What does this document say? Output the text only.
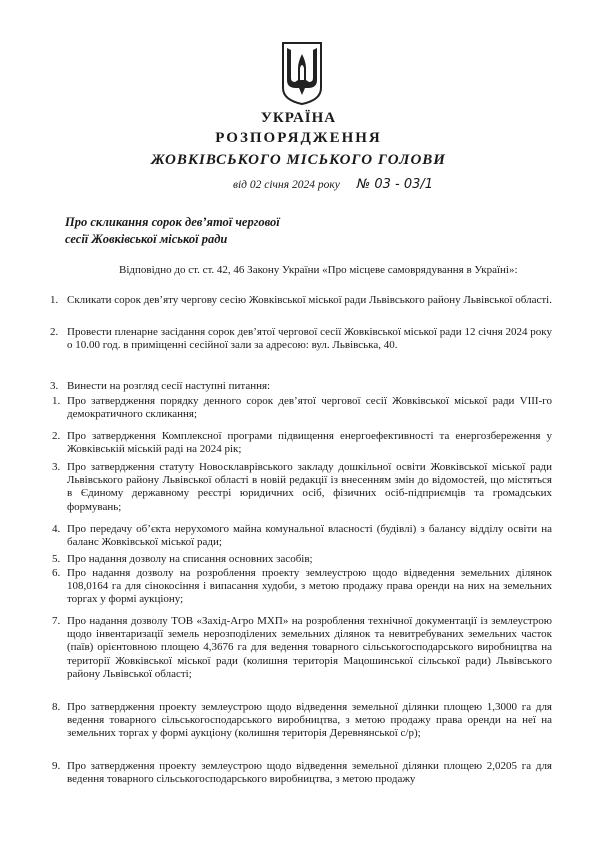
УКРАЇНА
РОЗПОРЯДЖЕННЯ
ЖОВКІВСЬКОГО МІСЬКОГО ГОЛОВИ
від 02 січня 2024 року № 03 - 03/1
Про скликання сорок дев’ятої чергової
сесії Жовківської міської ради
Відповідно до ст. ст. 42, 46 Закону України «Про місцеве самоврядування в Україні»:
1. Скликати сорок дев’яту чергову сесію Жовківської міської ради Львівського району Львівської області.
2. Провести пленарне засідання сорок дев’ятої чергової сесії Жовківської міської ради 12 січня 2024 року о 10.00 год. в приміщенні сесійної зали за адресою: вул. Львівська, 40.
3. Винести на розгляд сесії наступні питання:
1. Про затвердження порядку денного сорок дев’ятої чергової сесії Жовківської міської ради VIII-го демократичного скликання;
2. Про затвердження Комплексної програми підвищення енергоефективності та енергозбереження у Жовківській міській раді на 2024 рік;
3. Про затвердження статуту Новосклаврівського закладу дошкільної освіти Жовківської міської ради Львівського району Львівської області в новій редакції із внесенням змін до відомостей, що містяться в Єдиному державному реєстрі юридичних осіб, фізичних осіб-підприємців та громадських формувань;
4. Про передачу об’єкта нерухомого майна комунальної власності (будівлі) з балансу відділу освіти на баланс Жовківської міської ради;
5. Про надання дозволу на списання основних засобів;
6. Про надання дозволу на розроблення проекту землеустрою щодо відведення земельних ділянок 108,0164 га для сінокосіння і випасання худоби, з метою продажу права оренди на них на земельних торгах у формі аукціону;
7. Про надання дозволу ТОВ «Захід-Агро МХП» на розроблення технічної документації із землеустрою щодо інвентаризації земель нерозподілених земельних ділянок та невитребуваних земельних часток (паїв) орієнтовною площею 4,3676 га для ведення товарного сільськогосподарського виробництва на території Жовківської міської ради (колишня територія Мацошинської сільської ради) Львівського району Львівської області;
8. Про затвердження проекту землеустрою щодо відведення земельної ділянки площею 1,3000 га для ведення товарного сільськогосподарського виробництва, з метою продажу права оренди на неї на земельних торгах у формі аукціону (колишня територія Деревнянської с/р);
9. Про затвердження проекту землеустрою щодо відведення земельної ділянки площею 2,0205 га для ведення товарного сільськогосподарського виробництва, з метою продажу
